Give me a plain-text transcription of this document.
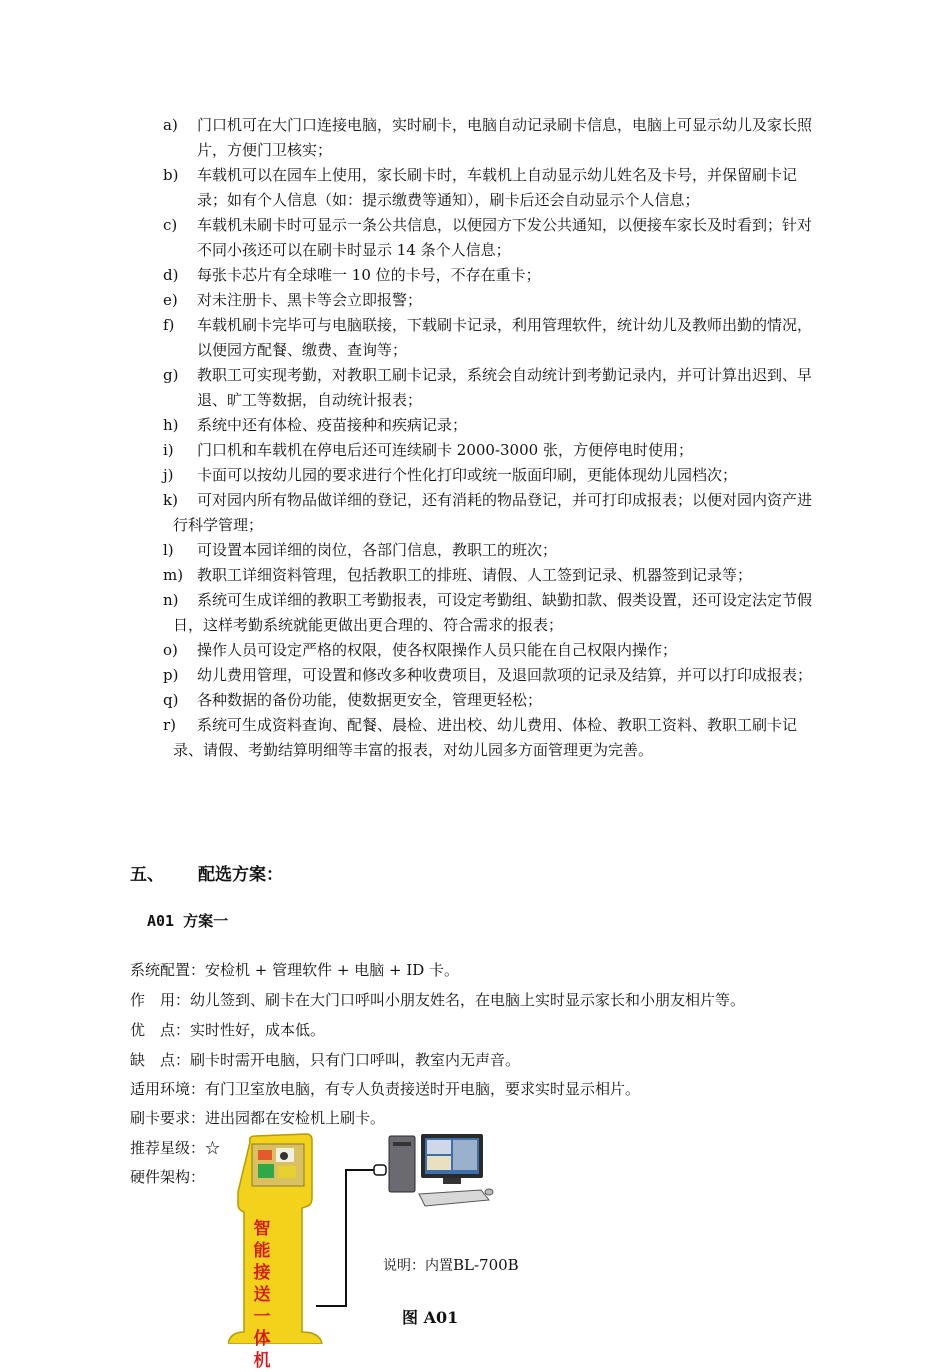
a)	门口机可在大门口连接电脑，实时刷卡，电脑自动记录刷卡信息，电脑上可显示幼儿及家长照片，方便门卫核实；
b)	车载机可以在园车上使用，家长刷卡时，车载机上自动显示幼儿姓名及卡号，并保留刷卡记录；如有个人信息（如：提示缴费等通知），刷卡后还会自动显示个人信息；
c)	车载机未刷卡时可显示一条公共信息，以便园方下发公共通知，以便接车家长及时看到；针对不同小孩还可以在刷卡时显示 14 条个人信息；
d)	每张卡芯片有全球唯一 10 位的卡号，不存在重卡；
e)	对未注册卡、黑卡等会立即报警；
f)	车载机刷卡完毕可与电脑联接，下载刷卡记录，利用管理软件，统计幼儿及教师出勤的情况，以便园方配餐、缴费、查询等；
g)	教职工可实现考勤，对教职工刷卡记录，系统会自动统计到考勤记录内，并可计算出迟到、早退、旷工等数据，自动统计报表；
h)	系统中还有体检、疫苗接种和疾病记录；
i)	门口机和车载机在停电后还可连续刷卡 2000-3000 张，方便停电时使用；
j)	卡面可以按幼儿园的要求进行个性化打印或统一版面印刷，更能体现幼儿园档次；
k)	可对园内所有物品做详细的登记，还有消耗的物品登记，并可打印成报表；以便对园内资产进行科学管理；
l)	可设置本园详细的岗位，各部门信息，教职工的班次；
m) 教职工详细资料管理，包括教职工的排班、请假、人工签到记录、机器签到记录等；
n)	系统可生成详细的教职工考勤报表，可设定考勤组、缺勤扣款、假类设置，还可设定法定节假日，这样考勤系统就能更做出更合理的、符合需求的报表；
o)	操作人员可设定严格的权限，使各权限操作人员只能在自己权限内操作；
p)	幼儿费用管理，可设置和修改多种收费项目，及退回款项的记录及结算，并可以打印成报表；
q)	各种数据的备份功能，使数据更安全，管理更轻松；
r)	系统可生成资料查询、配餐、晨检、进出校、幼儿费用、体检、教职工资料、教职工刷卡记录、请假、考勤结算明细等丰富的报表，对幼儿园多方面管理更为完善。
五、 配选方案：
A01 方案一
系统配置：安检机 + 管理软件 + 电脑 + ID 卡。
作　用：幼儿签到、刷卡在大门口呼叫小朋友姓名，在电脑上实时显示家长和小朋友相片等。
优　点：实时性好，成本低。
缺　点：刷卡时需开电脑，只有门口呼叫，教室内无声音。
适用环境：有门卫室放电脑，有专人负责接送时开电脑，要求实时显示相片。
刷卡要求：进出园都在安检机上刷卡。
推荐星级：☆
硬件架构：
智
能
接
送
一
体
机
说明：内置BL-700B
图 A01
